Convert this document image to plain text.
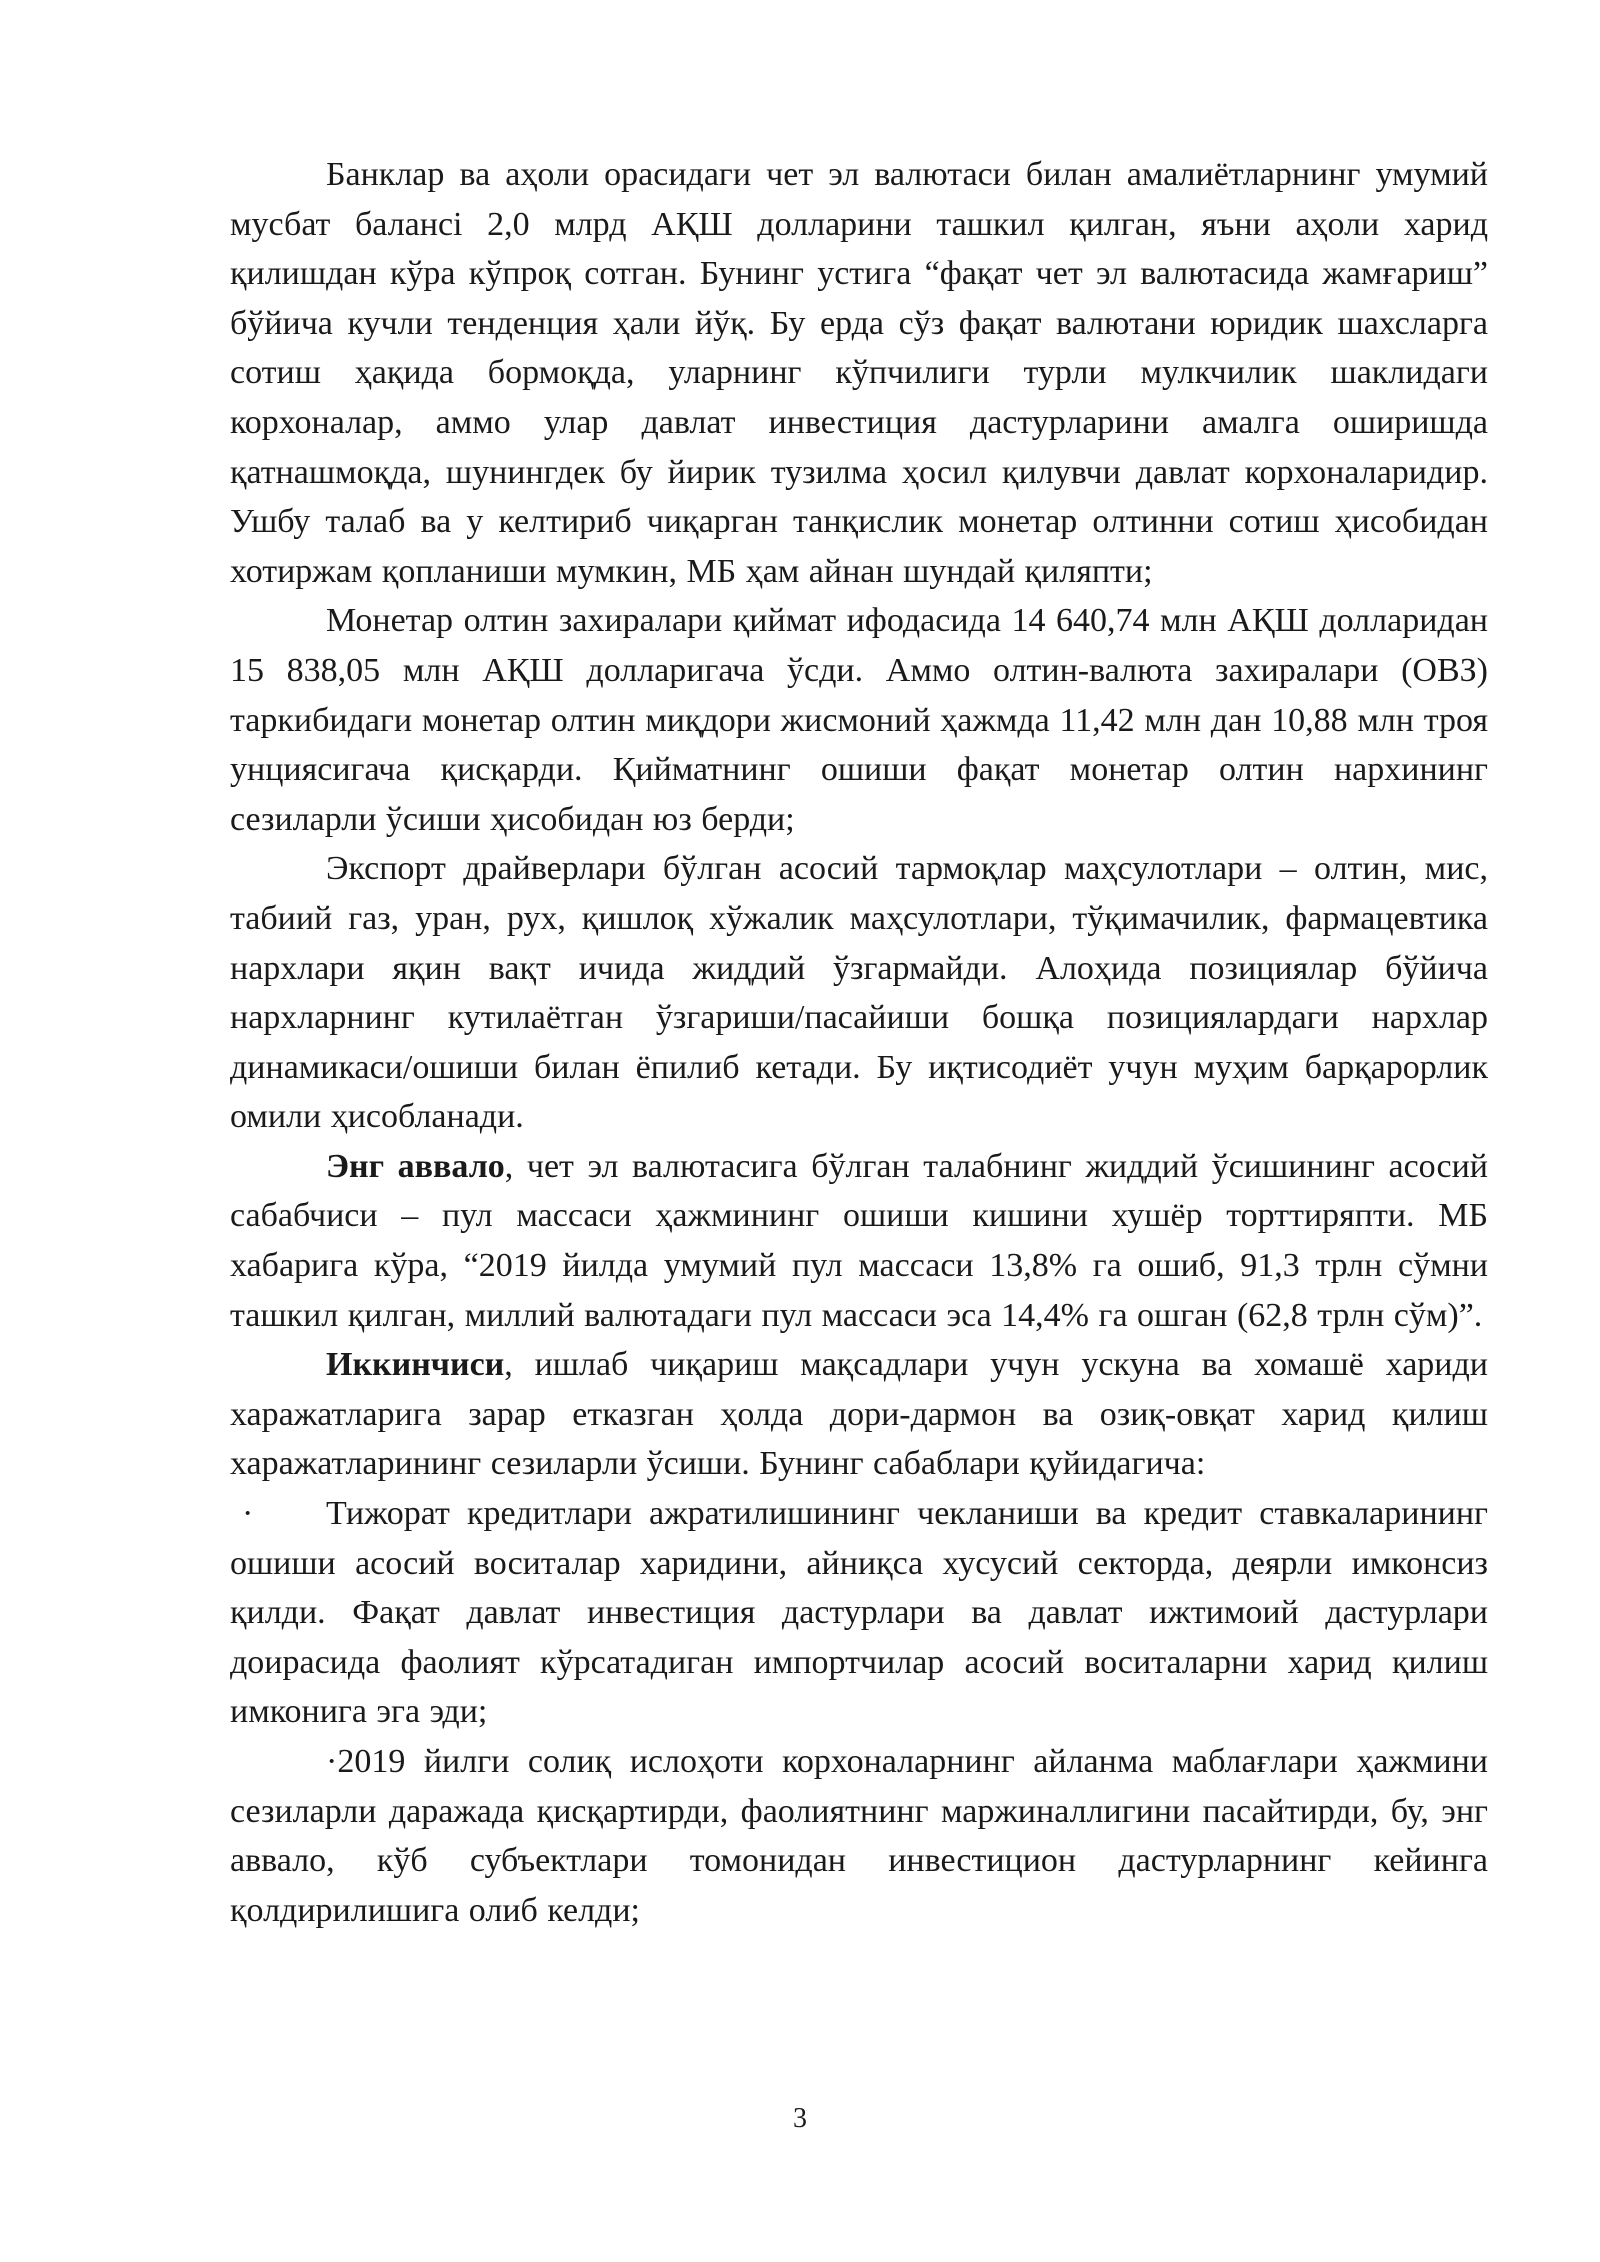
Банклар ва аҳоли орасидаги чет эл валютаси билан амалиётларнинг умумий мусбат балансi 2,0 млрд АҚШ долларини ташкил қилган, яъни аҳоли харид қилишдан кўра кўпроқ сотган. Бунинг устига “фақат чет эл валютасида жамғариш” бўйича кучли тенденция ҳали йўқ. Бу ерда сўз фақат валютани юридик шахсларга сотиш ҳақида бормоқда, уларнинг кўпчилиги турли мулкчилик шаклидаги корхоналар, аммо улар давлат инвестиция дастурларини амалга оширишда қатнашмоқда, шунингдек бу йирик тузилма ҳосил қилувчи давлат корхоналаридир. Ушбу талаб ва у келтириб чиқарган танқислик монетар олтинни сотиш ҳисобидан хотиржам қопланиши мумкин, МБ ҳам айнан шундай қиляпти;

Монетар олтин захиралари қиймат ифодасида 14 640,74 млн АҚШ долларидан 15 838,05 млн АҚШ долларигача ўсди. Аммо олтин-валюта захиралари (ОВЗ) таркибидаги монетар олтин миқдори жисмоний ҳажмда 11,42 млн дан 10,88 млн троя унциясигача қисқарди. Қийматнинг ошиши фақат монетар олтин нархининг сезиларли ўсиши ҳисобидан юз берди;

Экспорт драйверлари бўлган асосий тармоқлар маҳсулотлари – олтин, мис, табиий газ, уран, рух, қишлоқ хўжалик маҳсулотлари, тўқимачилик, фармацевтика нархлари яқин вақт ичида жиддий ўзгармайди. Алоҳида позициялар бўйича нархларнинг кутилаётган ўзгариши/пасайиши бошқа позициялардаги нархлар динамикаси/ошиши билан ёпилиб кетади. Бу иқтисодиёт учун муҳим барқарорлик омили ҳисобланади.

Энг аввало, чет эл валютасига бўлган талабнинг жиддий ўсишининг асосий сабабчиси – пул массаси ҳажмининг ошиши кишини хушёр торттиряпти. МБ хабарига кўра, “2019 йилда умумий пул массаси 13,8% га ошиб, 91,3 трлн сўмни ташкил қилган, миллий валютадаги пул массаси эса 14,4% га ошган (62,8 трлн сўм)”.

Иккинчиси, ишлаб чиқариш мақсадлари учун ускуна ва хомашё хариди харажатларига зарар етказган ҳолда дори-дармон ва озиқ-овқат харид қилиш харажатларининг сезиларли ўсиши. Бунинг сабаблари қуйидагича:

· Тижорат кредитлари ажратилишининг чекланиши ва кредит ставкаларининг ошиши асосий воситалар харидини, айниқса хусусий секторда, деярли имконсиз қилди. Фақат давлат инвестиция дастурлари ва давлат ижтимоий дастурлари доирасида фаолият кўрсатадиган импортчилар асосий воситаларни харид қилиш имконига эга эди;

·2019 йилги солиқ ислоҳоти корхоналарнинг айланма маблағлари ҳажмини сезиларли даражада қисқартирди, фаолиятнинг маржиналлигини пасайтирди, бу, энг аввало, кўб субъектлари томонидан инвестицион дастурларнинг кейинга қолдирилишига олиб келди;

3
